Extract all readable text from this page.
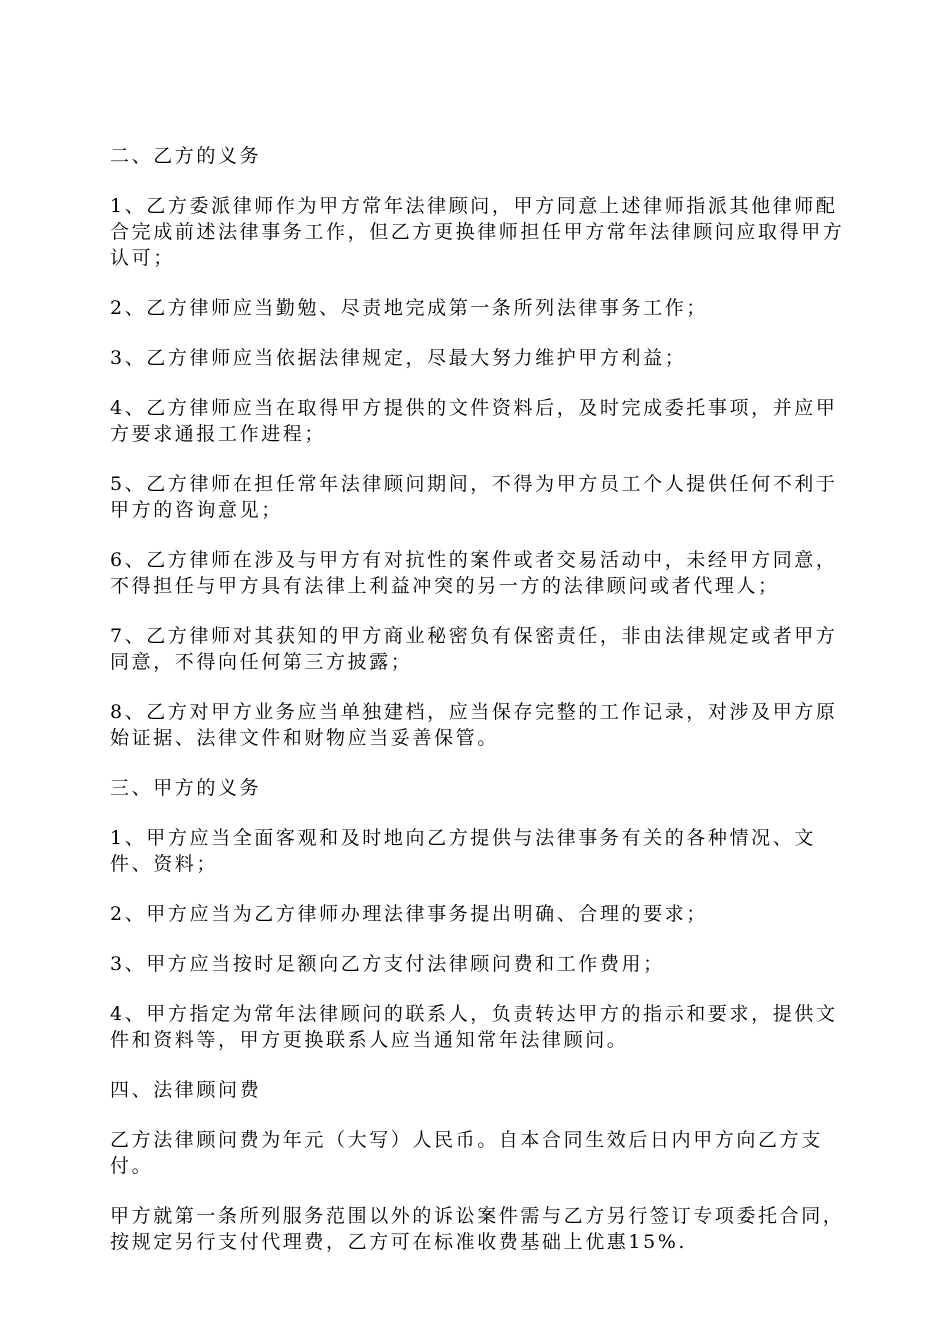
二、乙方的义务

1、乙方委派律师作为甲方常年法律顾问，甲方同意上述律师指派其他律师配合完成前述法律事务工作，但乙方更换律师担任甲方常年法律顾问应取得甲方认可；

2、乙方律师应当勤勉、尽责地完成第一条所列法律事务工作；

3、乙方律师应当依据法律规定，尽最大努力维护甲方利益；

4、乙方律师应当在取得甲方提供的文件资料后，及时完成委托事项，并应甲方要求通报工作进程；

5、乙方律师在担任常年法律顾问期间，不得为甲方员工个人提供任何不利于甲方的咨询意见；

6、乙方律师在涉及与甲方有对抗性的案件或者交易活动中，未经甲方同意，不得担任与甲方具有法律上利益冲突的另一方的法律顾问或者代理人；

7、乙方律师对其获知的甲方商业秘密负有保密责任，非由法律规定或者甲方同意，不得向任何第三方披露；

8、乙方对甲方业务应当单独建档，应当保存完整的工作记录，对涉及甲方原始证据、法律文件和财物应当妥善保管。

三、甲方的义务

1、甲方应当全面客观和及时地向乙方提供与法律事务有关的各种情况、文件、资料；

2、甲方应当为乙方律师办理法律事务提出明确、合理的要求；

3、甲方应当按时足额向乙方支付法律顾问费和工作费用；

4、甲方指定为常年法律顾问的联系人，负责转达甲方的指示和要求，提供文件和资料等，甲方更换联系人应当通知常年法律顾问。

四、法律顾问费

乙方法律顾问费为年元（大写）人民币。自本合同生效后日内甲方向乙方支付。

甲方就第一条所列服务范围以外的诉讼案件需与乙方另行签订专项委托合同，按规定另行支付代理费，乙方可在标准收费基础上优惠15%.
